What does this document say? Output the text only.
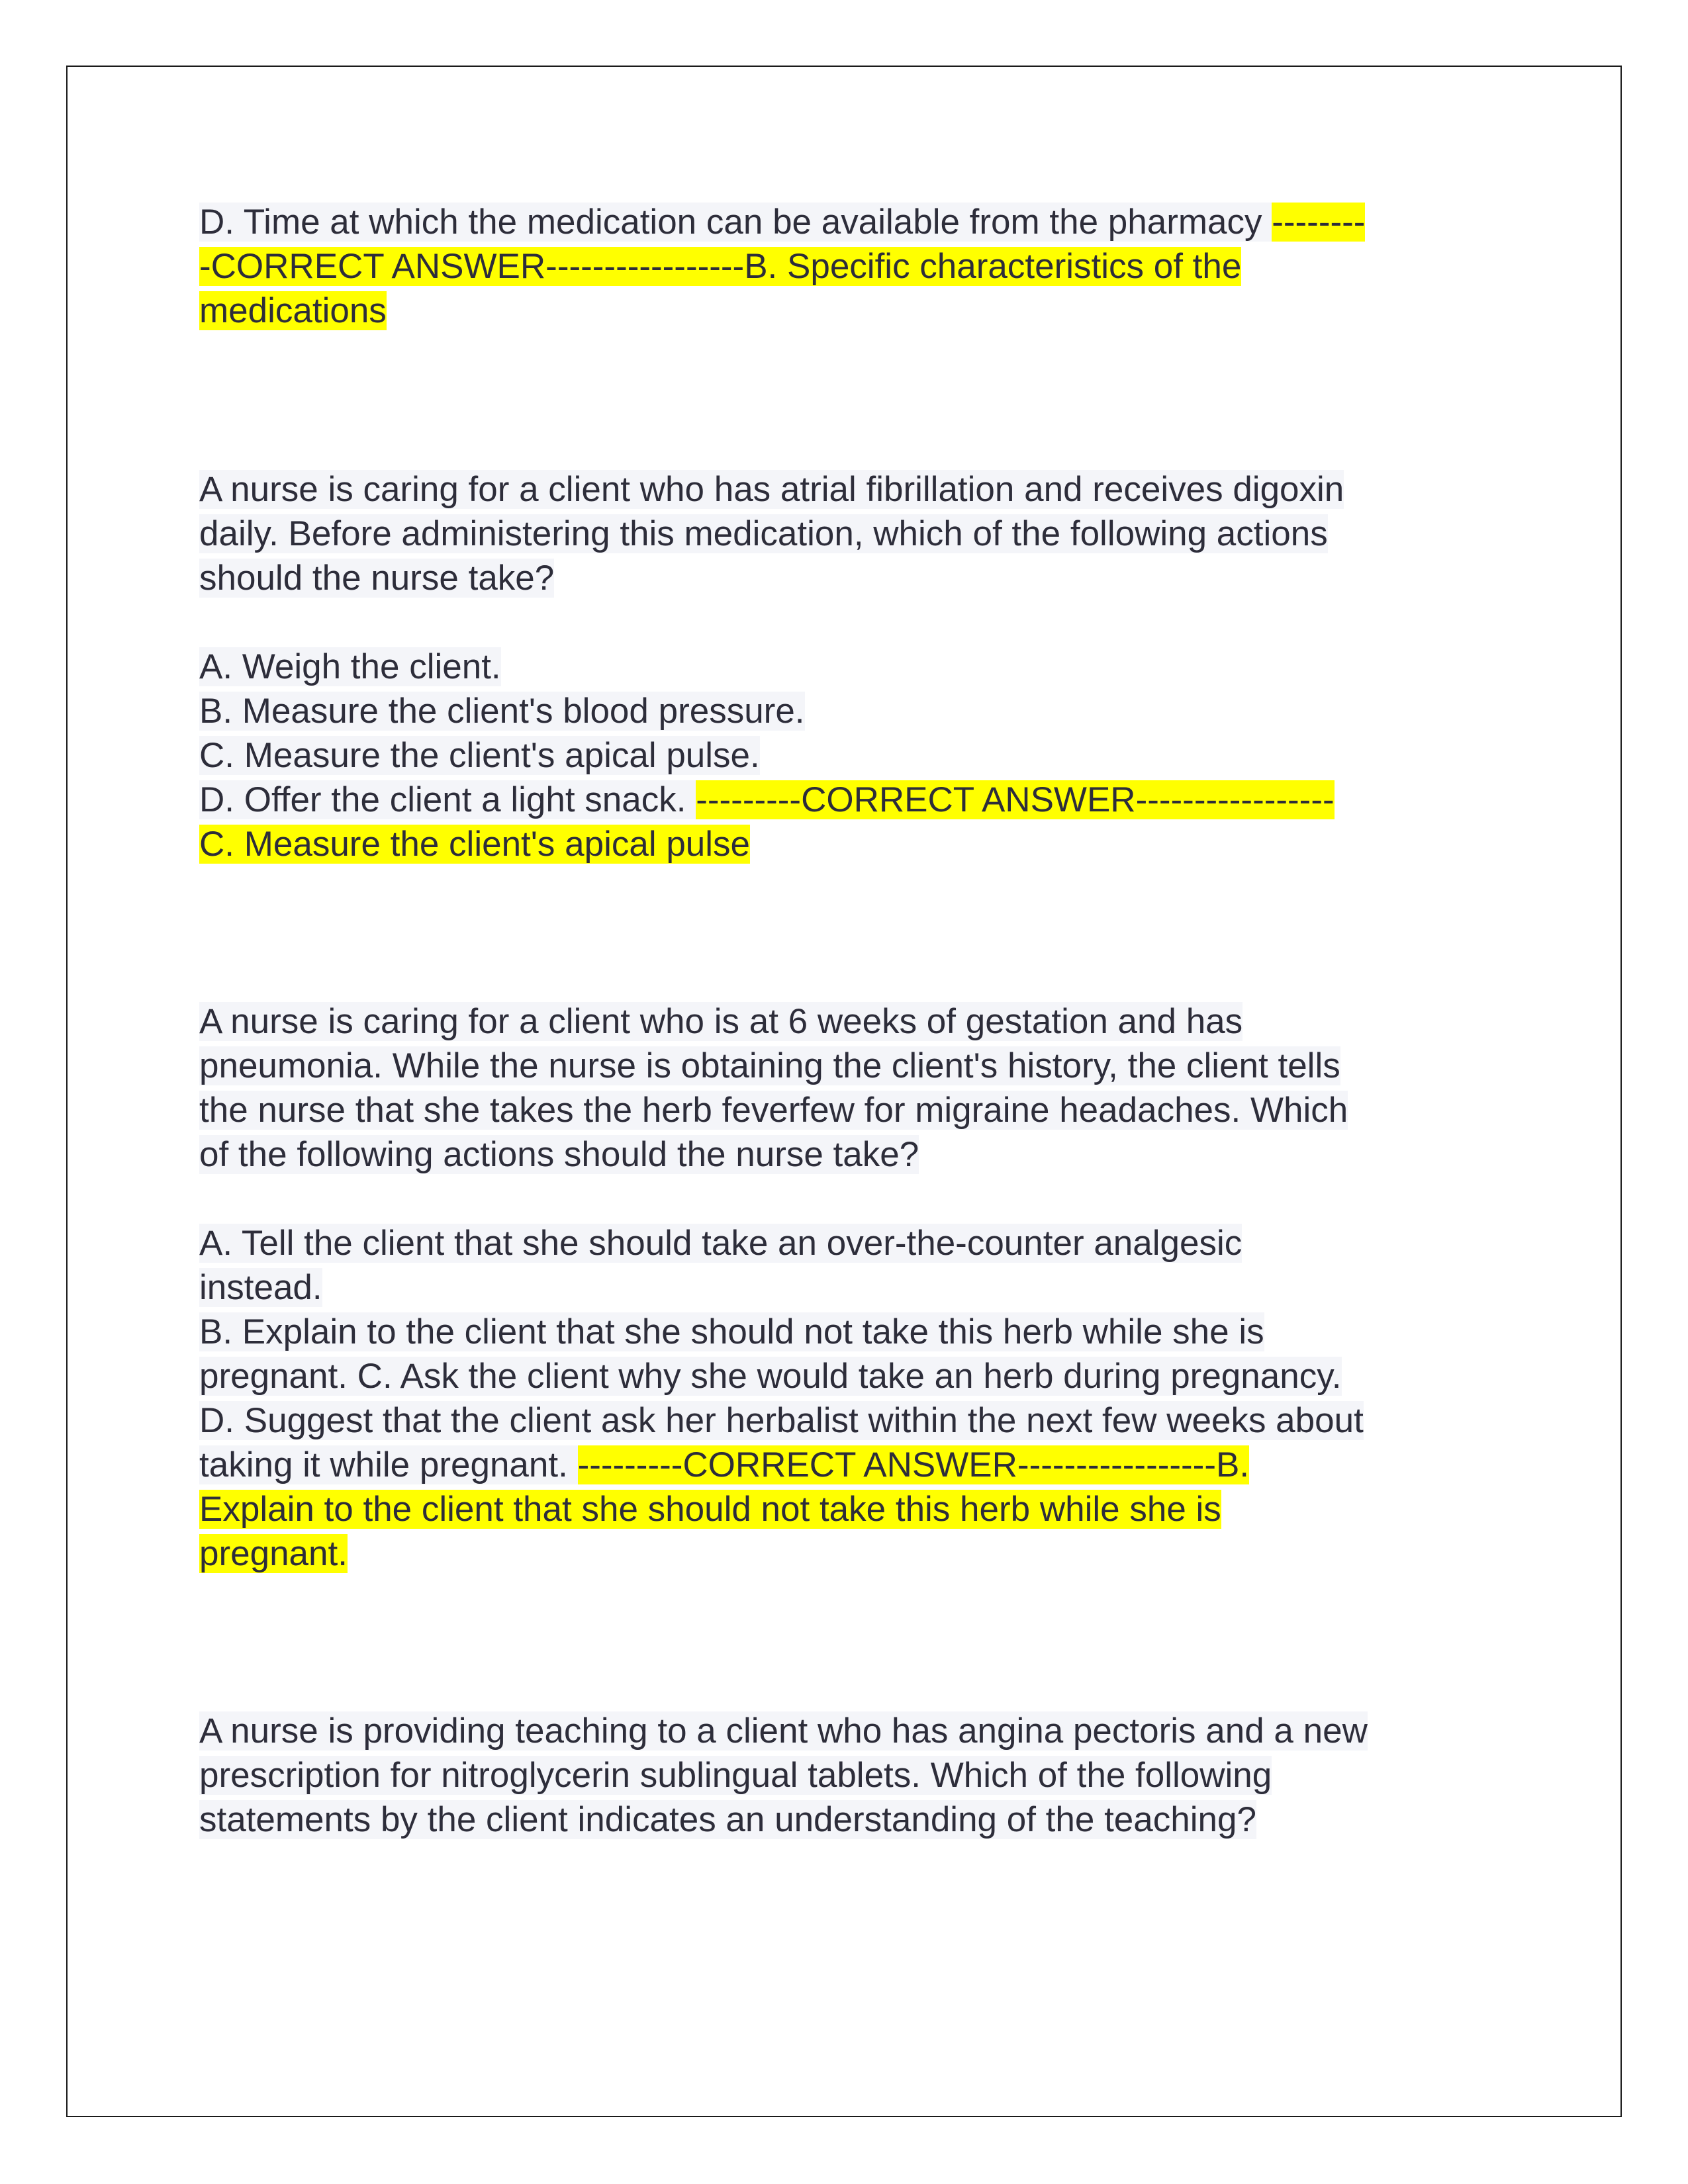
D. Time at which the medication can be available from the pharmacy --------
-CORRECT ANSWER-----------------B. Specific characteristics of the
medications
A nurse is caring for a client who has atrial fibrillation and receives digoxin
daily. Before administering this medication, which of the following actions
should the nurse take?
A. Weigh the client.
B. Measure the client's blood pressure.
C. Measure the client's apical pulse.
D. Offer the client a light snack. ---------CORRECT ANSWER-----------------
C. Measure the client's apical pulse
A nurse is caring for a client who is at 6 weeks of gestation and has
pneumonia. While the nurse is obtaining the client's history, the client tells
the nurse that she takes the herb feverfew for migraine headaches. Which
of the following actions should the nurse take?
A. Tell the client that she should take an over-the-counter analgesic
instead.
B. Explain to the client that she should not take this herb while she is
pregnant. C. Ask the client why she would take an herb during pregnancy.
D. Suggest that the client ask her herbalist within the next few weeks about
taking it while pregnant. ---------CORRECT ANSWER-----------------B.
Explain to the client that she should not take this herb while she is
pregnant.
A nurse is providing teaching to a client who has angina pectoris and a new
prescription for nitroglycerin sublingual tablets. Which of the following
statements by the client indicates an understanding of the teaching?
